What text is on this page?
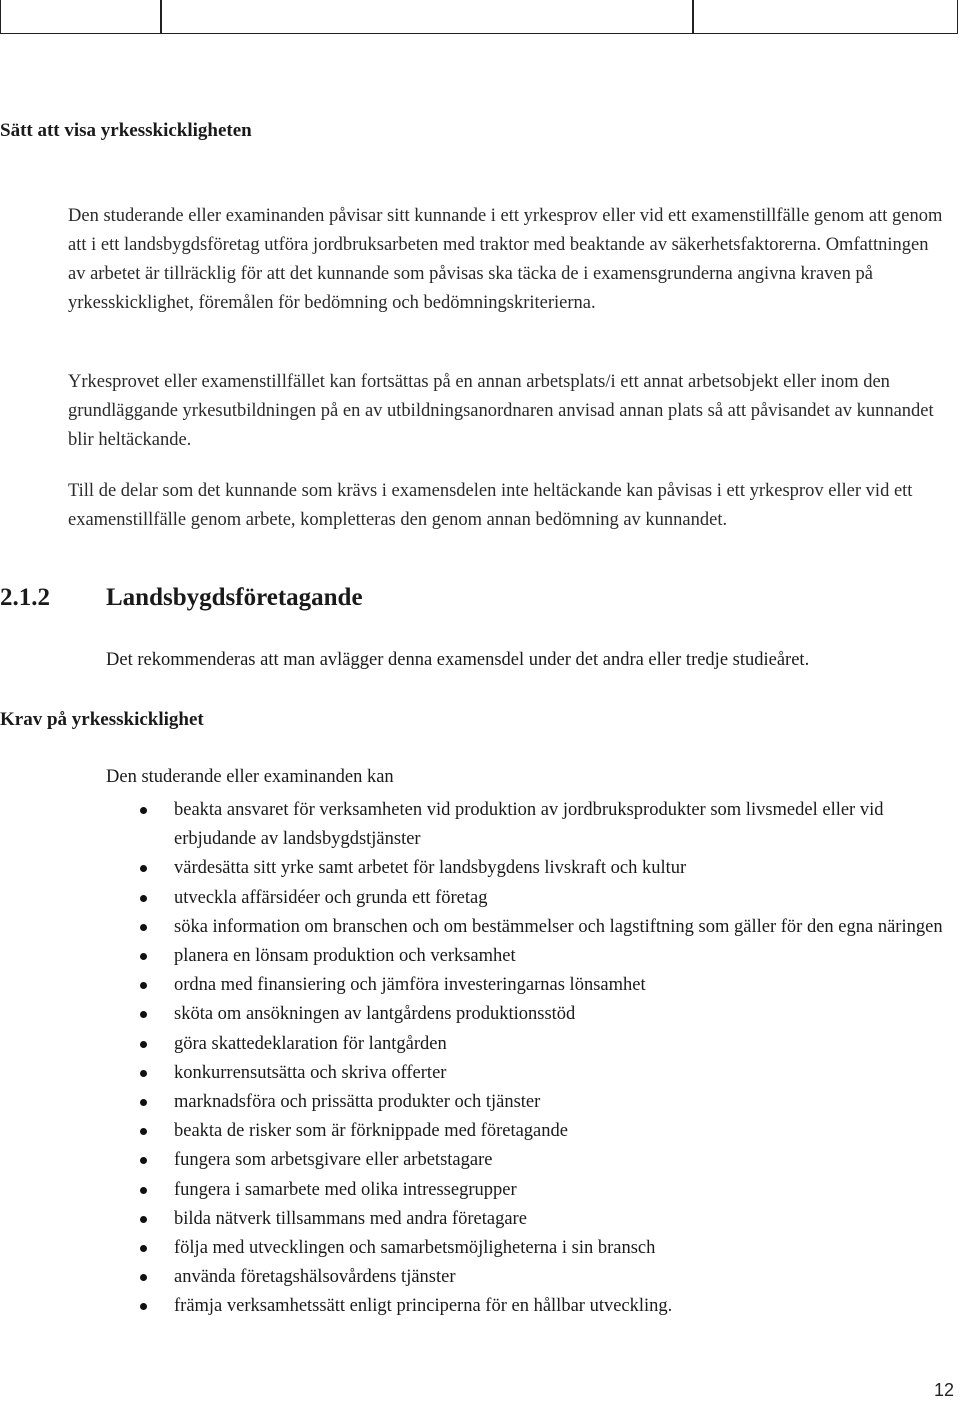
Sätt att visa yrkesskickligheten

Den studerande eller examinanden påvisar sitt kunnande i ett yrkesprov eller vid ett examenstillfälle genom att genom att i ett landsbygdsföretag utföra jordbruksarbeten med traktor med beaktande av säkerhetsfaktorerna. Omfattningen av arbetet är tillräcklig för att det kunnande som påvisas ska täcka de i examensgrunderna angivna kraven på yrkesskicklighet, föremålen för bedömning och bedömningskriterierna.

Yrkesprovet eller examenstillfället kan fortsättas på en annan arbetsplats/i ett annat arbetsobjekt eller inom den grundläggande yrkesutbildningen på en av utbildningsanordnaren anvisad annan plats så att påvisandet av kunnandet blir heltäckande.

Till de delar som det kunnande som krävs i examensdelen inte heltäckande kan påvisas i ett yrkesprov eller vid ett examenstillfälle genom arbete, kompletteras den genom annan bedömning av kunnandet.

2.1.2 Landsbygdsföretagande

Det rekommenderas att man avlägger denna examensdel under det andra eller tredje studieåret.

Krav på yrkesskicklighet

Den studerande eller examinanden kan

beakta ansvaret för verksamheten vid produktion av jordbruksprodukter som livsmedel eller vid erbjudande av landsbygdstjänster
värdesätta sitt yrke samt arbetet för landsbygdens livskraft och kultur
utveckla affärsidéer och grunda ett företag
söka information om branschen och om bestämmelser och lagstiftning som gäller för den egna näringen
planera en lönsam produktion och verksamhet
ordna med finansiering och jämföra investeringarnas lönsamhet
sköta om ansökningen av lantgårdens produktionsstöd
göra skattedeklaration för lantgården
konkurrensutsätta och skriva offerter
marknadsföra och prissätta produkter och tjänster
beakta de risker som är förknippade med företagande
fungera som arbetsgivare eller arbetstagare
fungera i samarbete med olika intressegrupper
bilda nätverk tillsammans med andra företagare
följa med utvecklingen och samarbetsmöjligheterna i sin bransch
använda företagshälsovårdens tjänster
främja verksamhetssätt enligt principerna för en hållbar utveckling.
12
